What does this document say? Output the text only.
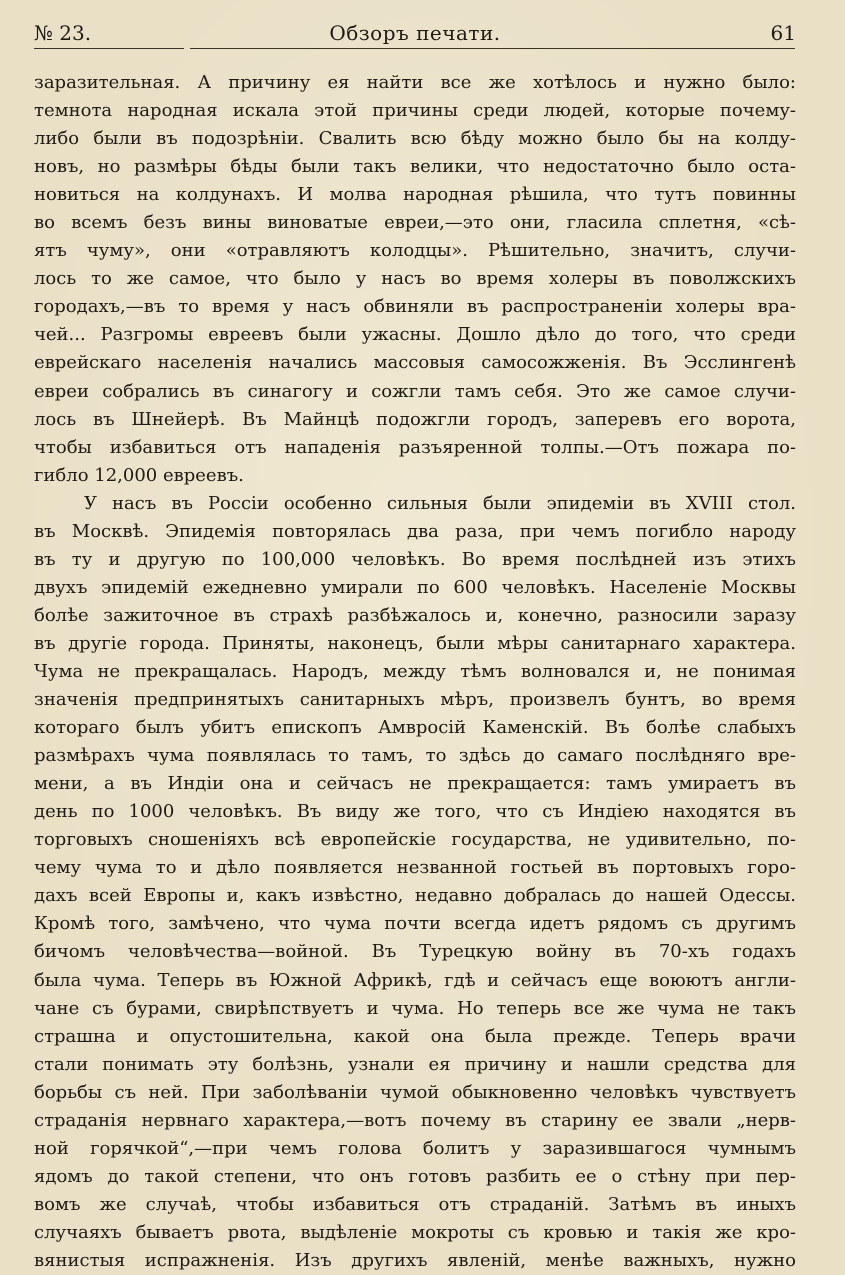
№ 23.	Обзоръ печати.	61
заразительная. А причину ея найти все же хотѣлось и нужно было:
темнота народная искала этой причины среди людей, которые почему-
либо были въ подозрѣніи. Свалить всю бѣду можно было бы на колду-
новъ, но размѣры бѣды были такъ велики, что недостаточно было оста-
новиться на колдунахъ. И молва народная рѣшила, что тутъ повинны
во всемъ безъ вины виноватые евреи,—это они, гласила сплетня, «сѣ-
ятъ чуму», они «отравляютъ колодцы». Рѣшительно, значитъ, случи-
лось то же самое, что было у насъ во время холеры въ поволжскихъ
городахъ,—въ то время у насъ обвиняли въ распространеніи холеры вра-
чей... Разгромы евреевъ были ужасны. Дошло дѣло до того, что среди
еврейскаго населенія начались массовыя самосожженія. Въ Эсслингенѣ
евреи собрались въ синагогу и сожгли тамъ себя. Это же самое случи-
лось въ Шнейерѣ. Въ Майнцѣ подожгли городъ, заперевъ его ворота,
чтобы избавиться отъ нападенія разъяренной толпы.—Отъ пожара по-
гибло 12,000 евреевъ.
У насъ въ Россіи особенно сильныя были эпидеміи въ XVIII стол.
въ Москвѣ. Эпидемія повторялась два раза, при чемъ погибло народу
въ ту и другую по 100,000 человѣкъ. Во время послѣдней изъ этихъ
двухъ эпидемій ежедневно умирали по 600 человѣкъ. Населеніе Москвы
болѣе зажиточное въ страхѣ разбѣжалось и, конечно, разносили заразу
въ другіе города. Приняты, наконецъ, были мѣры санитарнаго характера.
Чума не прекращалась. Народъ, между тѣмъ волновался и, не понимая
значенія предпринятыхъ санитарныхъ мѣръ, произвелъ бунтъ, во время
котораго былъ убитъ епископъ Амвросій Каменскій. Въ болѣе слабыхъ
размѣрахъ чума появлялась то тамъ, то здѣсь до самаго послѣдняго вре-
мени, а въ Индіи она и сейчасъ не прекращается: тамъ умираетъ въ
день по 1000 человѣкъ. Въ виду же того, что съ Индіею находятся въ
торговыхъ сношеніяхъ всѣ европейскіе государства, не удивительно, по-
чему чума то и дѣло появляется незванной гостьей въ портовыхъ горо-
дахъ всей Европы и, какъ извѣстно, недавно добралась до нашей Одессы.
Кромѣ того, замѣчено, что чума почти всегда идетъ рядомъ съ другимъ
бичомъ человѣчества—войной. Въ Турецкую войну въ 70-хъ годахъ
была чума. Теперь въ Южной Африкѣ, гдѣ и сейчасъ еще воюютъ англи-
чане съ бурами, свирѣпствуетъ и чума. Но теперь все же чума не такъ
страшна и опустошительна, какой она была прежде. Теперь врачи
стали понимать эту болѣзнь, узнали ея причину и нашли средства для
борьбы съ ней. При заболѣваніи чумой обыкновенно человѣкъ чувствуетъ
страданія нервнаго характера,—вотъ почему въ старину ее звали „нерв-
ной горячкой“,—при чемъ голова болитъ у заразившагося чумнымъ
ядомъ до такой степени, что онъ готовъ разбить ее о стѣну при пер-
вомъ же случаѣ, чтобы избавиться отъ страданій. Затѣмъ въ иныхъ
случаяхъ бываетъ рвота, выдѣленіе мокроты съ кровью и такія же кро-
вянистыя испражненія. Изъ другихъ явленій, менѣе важныхъ, нужно
